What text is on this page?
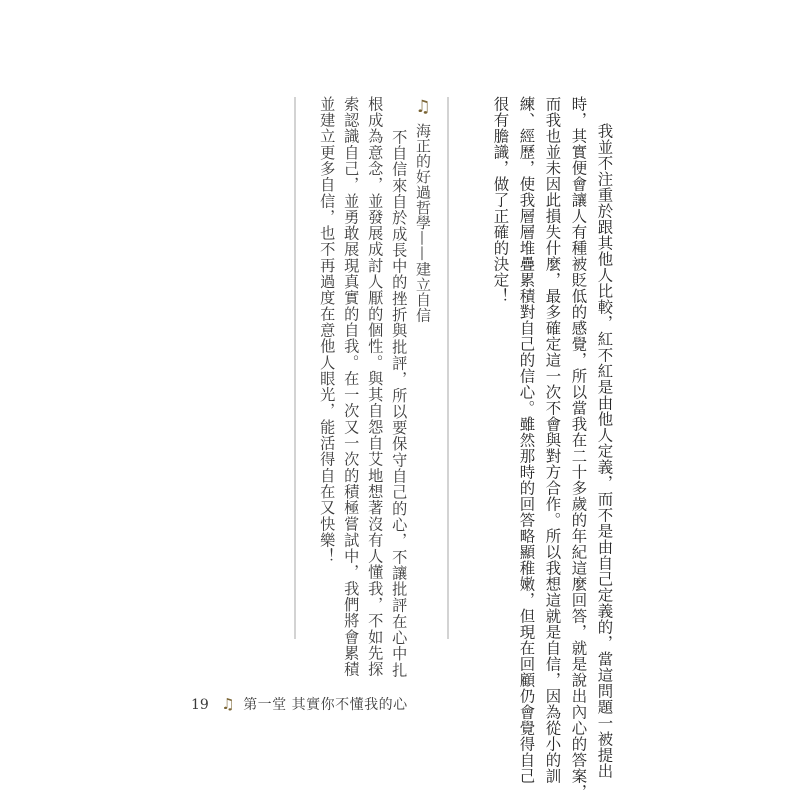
我並不注重於跟其他人比較，紅不紅是由他人定義，而不是由自己定義的，當這問題一被提出
時，其實便會讓人有種被貶低的感覺，所以當我在二十多歲的年紀這麼回答，就是說出內心的答案，
而我也並未因此損失什麼，最多確定這一次不會與對方合作。所以我想這就是自信，因為從小的訓
練、經歷，使我層層堆疊累積對自己的信心。雖然那時的回答略顯稚嫩，但現在回顧仍會覺得自己
很有膽識，做了正確的決定！
♫ 海正的好過哲學——建立自信
不自信來自於成長中的挫折與批評，所以要保守自己的心，不讓批評在心中扎
根成為意念，並發展成討人厭的個性。與其自怨自艾地想著沒有人懂我，不如先探
索認識自己，並勇敢展現真實的自我。在一次又一次的積極嘗試中，我們將會累積
並建立更多自信，也不再過度在意他人眼光，能活得自在又快樂！
19 ♫ 第一堂 其實你不懂我的心
